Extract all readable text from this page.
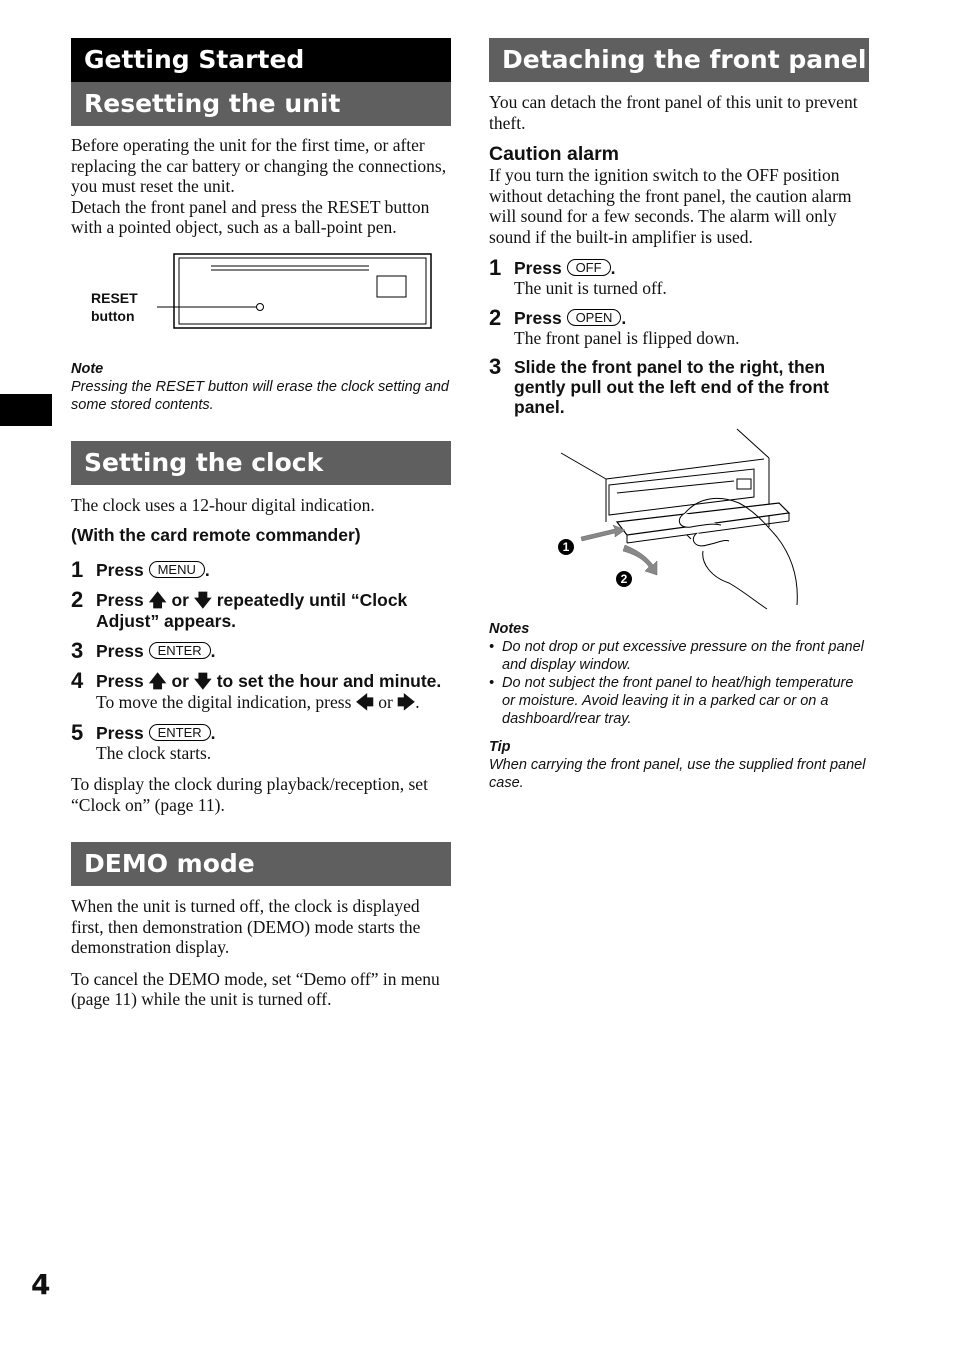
Getting Started
Resetting the unit

Before operating the unit for the first time, or after replacing the car battery or changing the connections, you must reset the unit.

Detach the front panel and press the RESET button with a pointed object, such as a ball-point pen.

RESET
button
Note
Pressing the RESET button will erase the clock setting and some stored contents.
Setting the clock
The clock uses a 12-hour digital indication.
(With the card remote commander)
1 Press MENU .
2 Press 🡅 or 🡇 repeatedly until “Clock Adjust” appears.
3 Press ENTER .
4 Press 🡅 or 🡇 to set the hour and minute.
To move the digital indication, press 🡄 or 🡆.
5 Press ENTER .
The clock starts.
To display the clock during playback/reception, set “Clock on” (page 11).
DEMO mode
When the unit is turned off, the clock is displayed first, then demonstration (DEMO) mode starts the demonstration display.
To cancel the DEMO mode, set “Demo off” in menu (page 11) while the unit is turned off.
Detaching the front panel
You can detach the front panel of this unit to prevent theft.
Caution alarm
If you turn the ignition switch to the OFF position without detaching the front panel, the caution alarm will sound for a few seconds. The alarm will only sound if the built-in amplifier is used.
1 Press OFF .
The unit is turned off.
2 Press OPEN .
The front panel is flipped down.
3 Slide the front panel to the right, then gently pull out the left end of the front panel.
1
2
Notes
• Do not drop or put excessive pressure on the front panel and display window.
• Do not subject the front panel to heat/high temperature or moisture. Avoid leaving it in a parked car or on a dashboard/rear tray.
Tip
When carrying the front panel, use the supplied front panel case.
4
